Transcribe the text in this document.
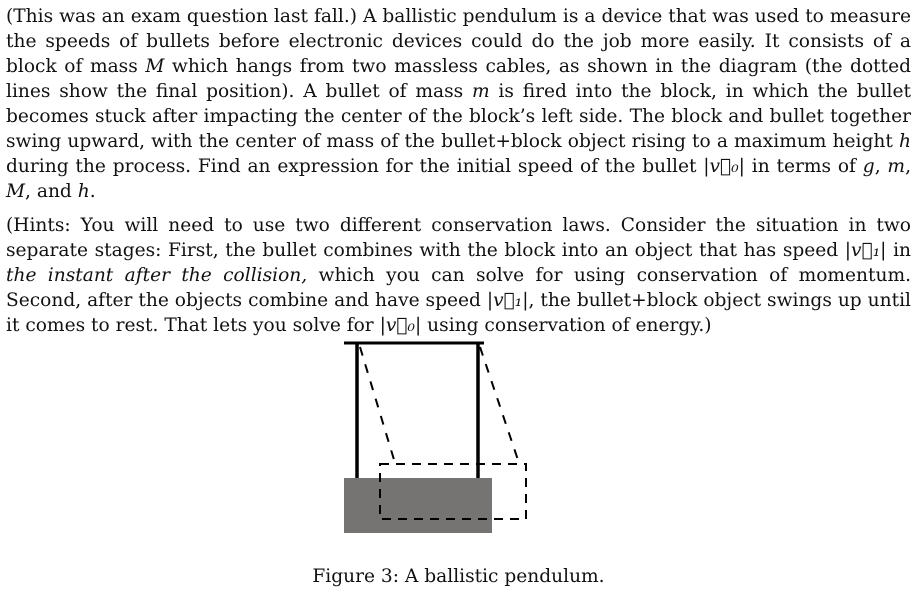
(This was an exam question last fall.) A ballistic pendulum is a device that was used to measure the speeds of bullets before electronic devices could do the job more easily. It consists of a block of mass M which hangs from two massless cables, as shown in the diagram (the dotted lines show the final position). A bullet of mass m is fired into the block, in which the bullet becomes stuck after impacting the center of the block’s left side. The block and bullet together swing upward, with the center of mass of the bullet+block object rising to a maximum height h during the process. Find an expression for the initial speed of the bullet |v⃗₀| in terms of g, m, M, and h.

(Hints: You will need to use two different conservation laws. Consider the situation in two separate stages: First, the bullet combines with the block into an object that has speed |v⃗₁| in the instant after the collision, which you can solve for using conservation of momentum. Second, after the objects combine and have speed |v⃗₁|, the bullet+block object swings up until it comes to rest. That lets you solve for |v⃗₀| using conservation of energy.)

Figure 3: A ballistic pendulum.
